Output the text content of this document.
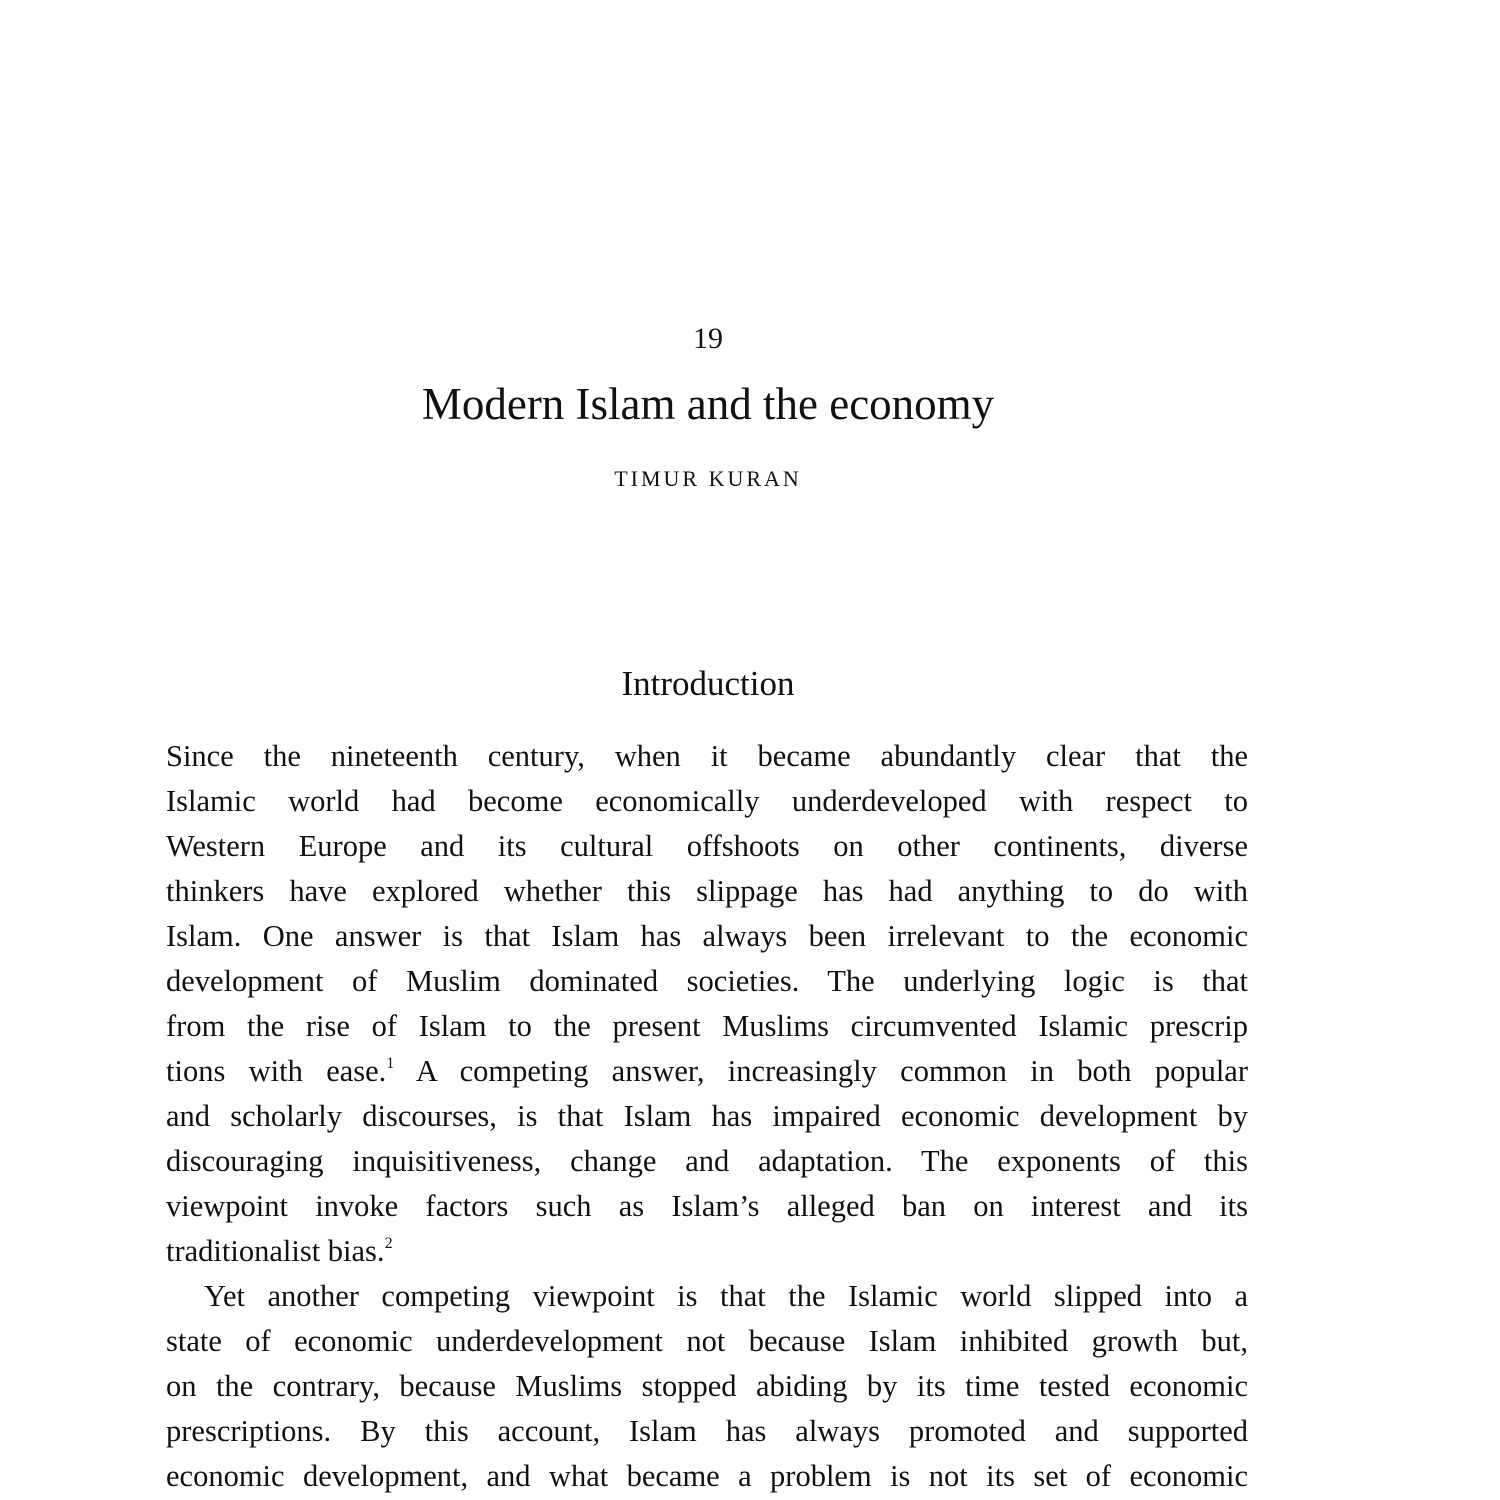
19
Modern Islam and the economy
TIMUR KURAN
Introduction
Since the nineteenth century, when it became abundantly clear that the
Islamic world had become economically underdeveloped with respect to
Western Europe and its cultural offshoots on other continents, diverse
thinkers have explored whether this slippage has had anything to do with
Islam. One answer is that Islam has always been irrelevant to the economic
development of Muslim dominated societies. The underlying logic is that
from the rise of Islam to the present Muslims circumvented Islamic prescrip
tions with ease.$^1$ A competing answer, increasingly common in both popular
and scholarly discourses, is that Islam has impaired economic development by
discouraging inquisitiveness, change and adaptation. The exponents of this
viewpoint invoke factors such as Islam’s alleged ban on interest and its
traditionalist bias.$^2$
Yet another competing viewpoint is that the Islamic world slipped into a
state of economic underdevelopment not because Islam inhibited growth but,
on the contrary, because Muslims stopped abiding by its time tested economic
prescriptions. By this account, Islam has always promoted and supported
economic development, and what became a problem is not its set of economic
